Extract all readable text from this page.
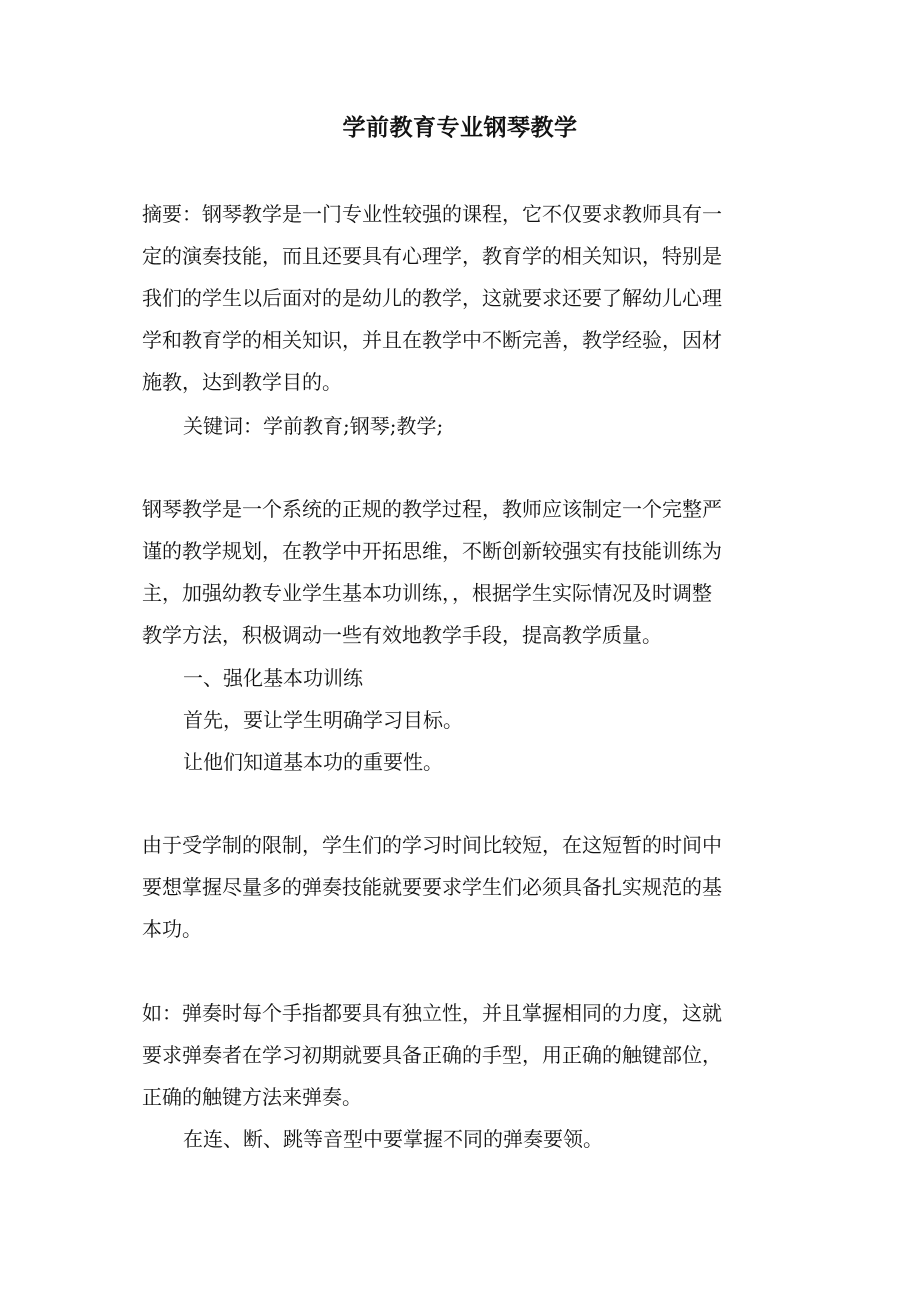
学前教育专业钢琴教学
摘要：钢琴教学是一门专业性较强的课程，它不仅要求教师具有一
定的演奏技能，而且还要具有心理学，教育学的相关知识，特别是
我们的学生以后面对的是幼儿的教学，这就要求还要了解幼儿心理
学和教育学的相关知识，并且在教学中不断完善，教学经验，因材
施教，达到教学目的。
关键词：学前教育;钢琴;教学;
钢琴教学是一个系统的正规的教学过程，教师应该制定一个完整严
谨的教学规划，在教学中开拓思维，不断创新较强实有技能训练为
主，加强幼教专业学生基本功训练，，根据学生实际情况及时调整
教学方法，积极调动一些有效地教学手段，提高教学质量。
一、强化基本功训练
首先，要让学生明确学习目标。
让他们知道基本功的重要性。
由于受学制的限制，学生们的学习时间比较短，在这短暂的时间中
要想掌握尽量多的弹奏技能就要要求学生们必须具备扎实规范的基
本功。
如：弹奏时每个手指都要具有独立性，并且掌握相同的力度，这就
要求弹奏者在学习初期就要具备正确的手型，用正确的触键部位，
正确的触键方法来弹奏。
在连、断、跳等音型中要掌握不同的弹奏要领。
